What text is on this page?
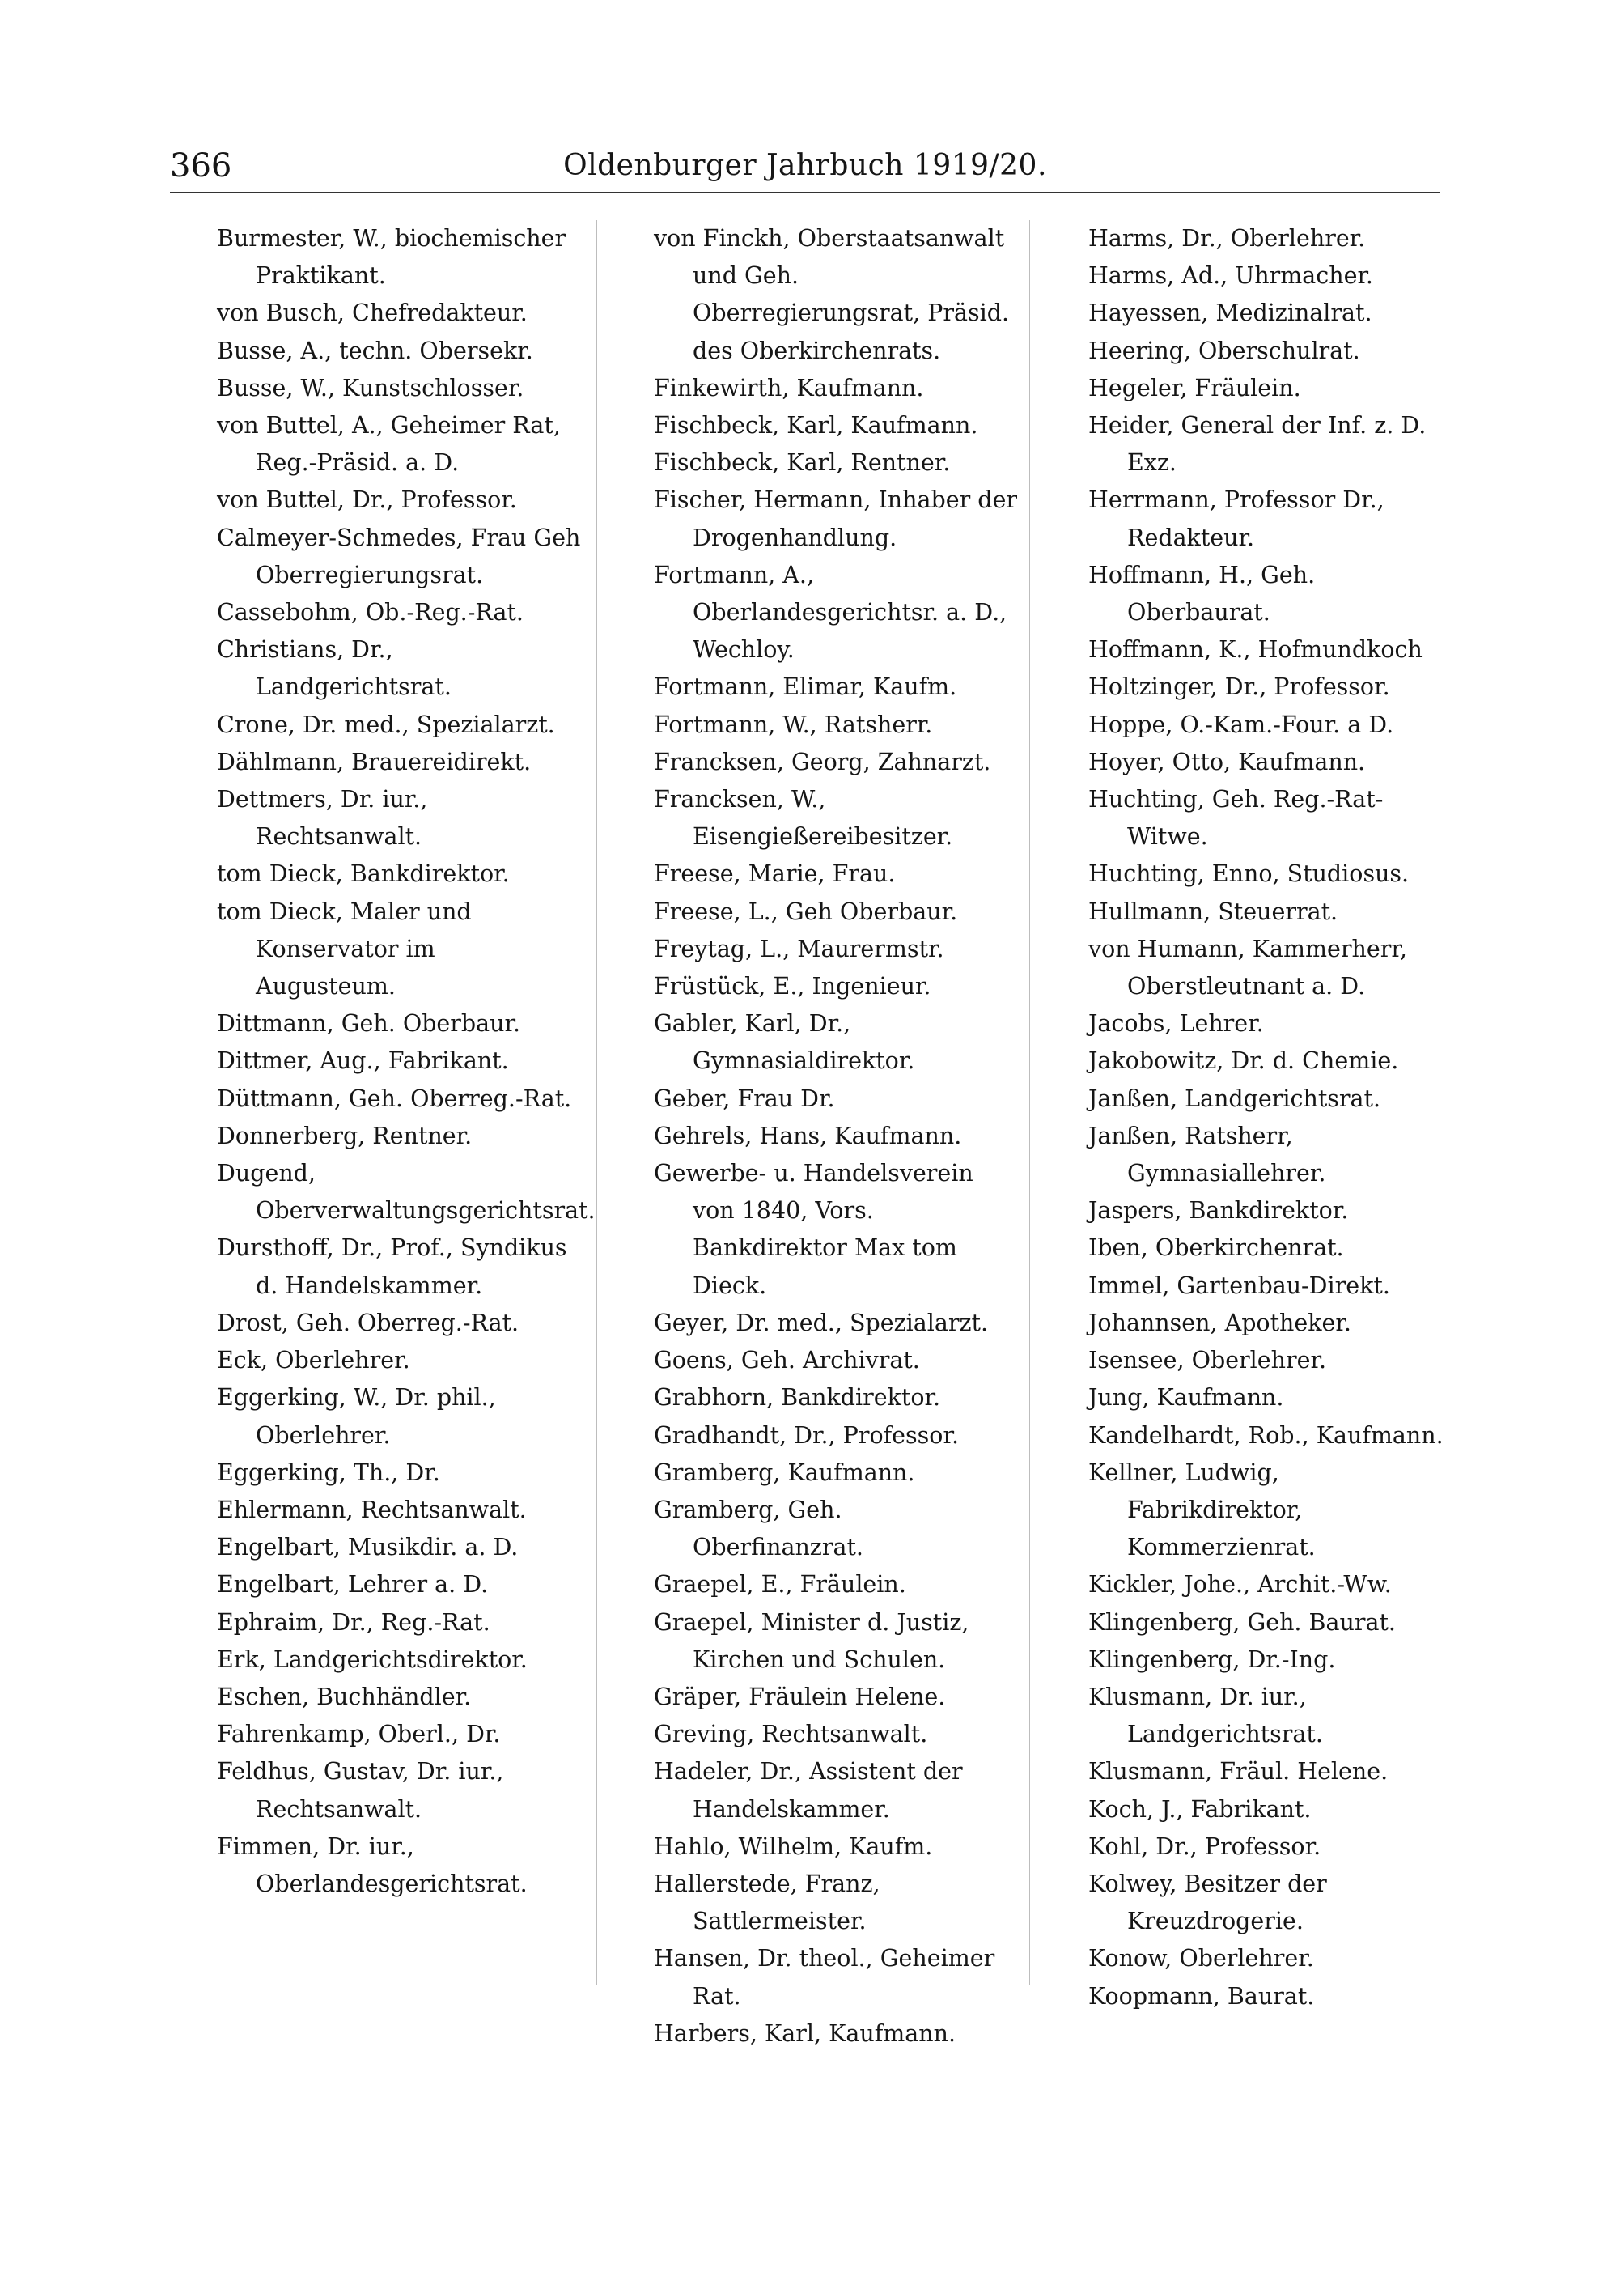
366	Oldenburger Jahrbuch 1919/20.

Burmester, W., biochemischer Praktikant.

von Busch, Chefredakteur.

Busse, A., techn. Obersekr.

Busse, W., Kunstschlosser.

von Buttel, A., Geheimer Rat, Reg.-Präsid. a. D.

von Buttel, Dr., Professor.

Calmeyer-Schmedes, Frau Geh Oberregierungsrat.

Cassebohm, Ob.-Reg.-Rat.

Christians, Dr., Landgerichtsrat.

Crone, Dr. med., Spezialarzt.

Dählmann, Brauereidirekt.

Dettmers, Dr. iur., Rechtsanwalt.

tom Dieck, Bankdirektor.

tom Dieck, Maler und Konservator im Augusteum.

Dittmann, Geh. Oberbaur.

Dittmer, Aug., Fabrikant.

Düttmann, Geh. Oberreg.-Rat.

Donnerberg, Rentner.

Dugend, Oberverwaltungsgerichtsrat.

Dursthoff, Dr., Prof., Syndikus d. Handelskammer.

Drost, Geh. Oberreg.-Rat.

Eck, Oberlehrer.

Eggerking, W., Dr. phil., Oberlehrer.

Eggerking, Th., Dr.

Ehlermann, Rechtsanwalt.

Engelbart, Musikdir. a. D.

Engelbart, Lehrer a. D.

Ephraim, Dr., Reg.-Rat.

Erk, Landgerichtsdirektor.

Eschen, Buchhändler.

Fahrenkamp, Oberl., Dr.

Feldhus, Gustav, Dr. iur., Rechtsanwalt.

Fimmen, Dr. iur., Oberlandesgerichtsrat.

von Finckh, Oberstaatsanwalt und Geh. Oberregierungsrat, Präsid. des Oberkirchenrats.

Finkewirth, Kaufmann.

Fischbeck, Karl, Kaufmann.

Fischbeck, Karl, Rentner.

Fischer, Hermann, Inhaber der Drogenhandlung.

Fortmann, A., Oberlandesgerichtsr. a. D., Wechloy.

Fortmann, Elimar, Kaufm.

Fortmann, W., Ratsherr.

Francksen, Georg, Zahnarzt.

Francksen, W., Eisengießereibesitzer.

Freese, Marie, Frau.

Freese, L., Geh Oberbaur.

Freytag, L., Maurermstr.

Früstück, E., Ingenieur.

Gabler, Karl, Dr., Gymnasialdirektor.

Geber, Frau Dr.

Gehrels, Hans, Kaufmann.

Gewerbe- u. Handelsverein von 1840, Vors. Bankdirektor Max tom Dieck.

Geyer, Dr. med., Spezialarzt.

Goens, Geh. Archivrat.

Grabhorn, Bankdirektor.

Gradhandt, Dr., Professor.

Gramberg, Kaufmann.

Gramberg, Geh. Oberfinanzrat.

Graepel, E., Fräulein.

Graepel, Minister d. Justiz, Kirchen und Schulen.

Gräper, Fräulein Helene.

Greving, Rechtsanwalt.

Hadeler, Dr., Assistent der Handelskammer.

Hahlo, Wilhelm, Kaufm.

Hallerstede, Franz, Sattlermeister.

Hansen, Dr. theol., Geheimer Rat.

Harbers, Karl, Kaufmann.

Harms, Dr., Oberlehrer.

Harms, Ad., Uhrmacher.

Hayessen, Medizinalrat.

Heering, Oberschulrat.

Hegeler, Fräulein.

Heider, General der Inf. z. D. Exz.

Herrmann, Professor Dr., Redakteur.

Hoffmann, H., Geh. Oberbaurat.

Hoffmann, K., Hofmundkoch

Holtzinger, Dr., Professor.

Hoppe, O.-Kam.-Four. a D.

Hoyer, Otto, Kaufmann.

Huchting, Geh. Reg.-Rat-Witwe.

Huchting, Enno, Studiosus.

Hullmann, Steuerrat.

von Humann, Kammerherr, Oberstleutnant a. D.

Jacobs, Lehrer.

Jakobowitz, Dr. d. Chemie.

Janßen, Landgerichtsrat.

Janßen, Ratsherr, Gymnasiallehrer.

Jaspers, Bankdirektor.

Iben, Oberkirchenrat.

Immel, Gartenbau-Direkt.

Johannsen, Apotheker.

Isensee, Oberlehrer.

Jung, Kaufmann.

Kandelhardt, Rob., Kaufmann.

Kellner, Ludwig, Fabrikdirektor, Kommerzienrat.

Kickler, Johe., Archit.-Ww.

Klingenberg, Geh. Baurat.

Klingenberg, Dr.-Ing.

Klusmann, Dr. iur., Landgerichtsrat.

Klusmann, Fräul. Helene.

Koch, J., Fabrikant.

Kohl, Dr., Professor.

Kolwey, Besitzer der Kreuzdrogerie.

Konow, Oberlehrer.

Koopmann, Baurat.
